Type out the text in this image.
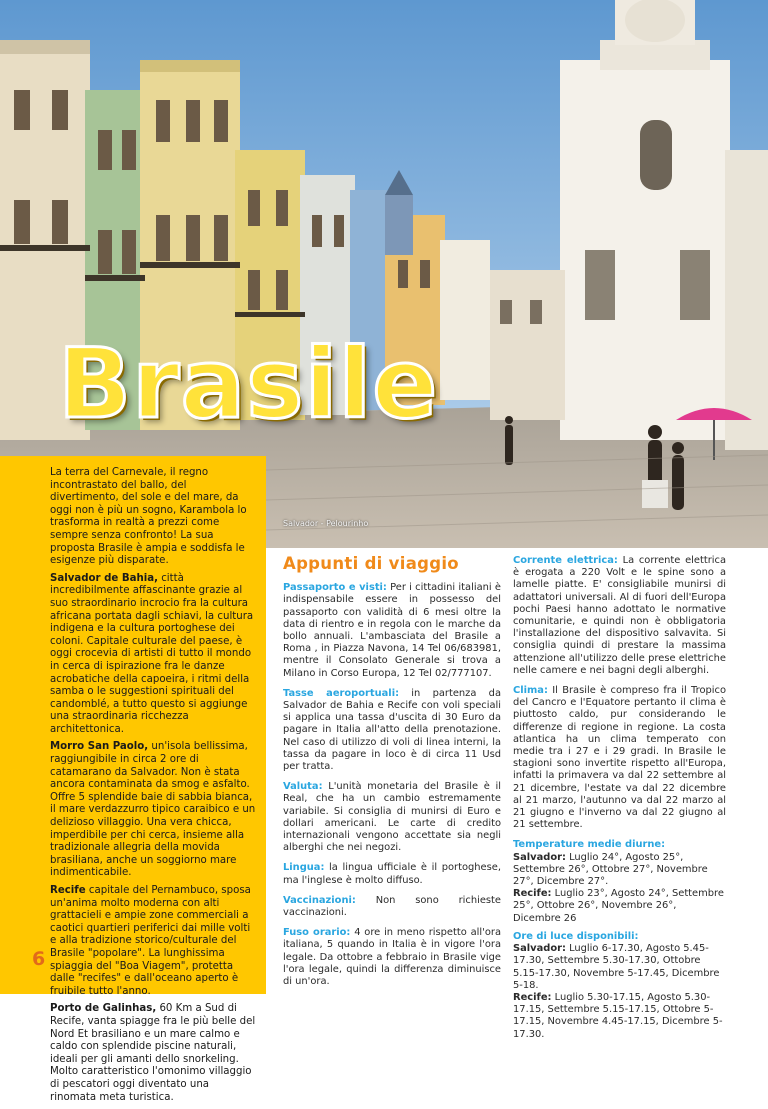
Salvador - Pelourinho
Brasile

La terra del Carnevale, il regno incontrastato del ballo, del divertimento, del sole e del mare, da oggi non è più un sogno, Karambola lo trasforma in realtà a prezzi come sempre senza confronto! La sua proposta Brasile è ampia e soddisfa le esigenze più disparate.

Salvador de Bahia, città incredibilmente affascinante grazie al suo straordinario incrocio fra la cultura africana portata dagli schiavi, la cultura indigena e la cultura portoghese dei coloni. Capitale culturale del paese, è oggi crocevia di artisti di tutto il mondo in cerca di ispirazione fra le danze acrobatiche della capoeira, i ritmi della samba o le suggestioni spirituali del candomblé, a tutto questo si aggiunge una straordinaria ricchezza architettonica.

Morro San Paolo, un'isola bellissima, raggiungibile in circa 2 ore di catamarano da Salvador. Non è stata ancora contaminata da smog e asfalto. Offre 5 splendide baie di sabbia bianca, il mare verdazzurro tipico caraibico e un delizioso villaggio. Una vera chicca, imperdibile per chi cerca, insieme alla tradizionale allegria della movida brasiliana, anche un soggiorno mare indimenticabile.

Recife capitale del Pernambuco, sposa un'anima molto moderna con alti grattacieli e ampie zone commerciali a caotici quartieri periferici dai mille volti e alla tradizione storico/culturale del Brasile "popolare". La lunghissima spiaggia del "Boa Viagem", protetta dalle "recifes" e dall'oceano aperto è fruibile tutto l'anno.

Porto de Galinhas, 60 Km a Sud di Recife, vanta spiagge fra le più belle del Nord Et brasiliano e un mare calmo e caldo con splendide piscine naturali, ideali per gli amanti dello snorkeling. Molto caratteristico l'omonimo villaggio di pescatori oggi diventato una rinomata meta turistica.

6
Appunti di viaggio
Passaporto e visti: Per i cittadini italiani è indispensabile essere in possesso del passaporto con validità di 6 mesi oltre la data di rientro e in regola con le marche da bollo annuali. L'ambasciata del Brasile a Roma , in Piazza Navona, 14 Tel 06/683981, mentre il Consolato Generale si trova a Milano in Corso Europa, 12 Tel 02/777107.
Tasse aeroportuali: in partenza da Salvador de Bahia e Recife con voli speciali si applica una tassa d'uscita di 30 Euro da pagare in Italia all'atto della prenotazione. Nel caso di utilizzo di voli di linea interni, la tassa da pagare in loco è di circa 11 Usd per tratta.
Valuta: L'unità monetaria del Brasile è il Real, che ha un cambio estremamente variabile. Si consiglia di munirsi di Euro e dollari americani. Le carte di credito internazionali vengono accettate sia negli alberghi che nei negozi.
Lingua: la lingua ufficiale è il portoghese, ma l'inglese è molto diffuso.
Vaccinazioni: Non sono richieste vaccinazioni.
Fuso orario: 4 ore in meno rispetto all'ora italiana, 5 quando in Italia è in vigore l'ora legale. Da ottobre a febbraio in Brasile vige l'ora legale, quindi la differenza diminuisce di un'ora.
Corrente elettrica: La corrente elettrica è erogata a 220 Volt e le spine sono a lamelle piatte. E' consigliabile munirsi di adattatori universali. Al di fuori dell'Europa pochi Paesi hanno adottato le normative comunitarie, e quindi non è obbligatoria l'installazione del dispositivo salvavita. Si consiglia quindi di prestare la massima attenzione all'utilizzo delle prese elettriche nelle camere e nei bagni degli alberghi.
Clima: Il Brasile è compreso fra il Tropico del Cancro e l'Equatore pertanto il clima è piuttosto caldo, pur considerando le differenze di regione in regione. La costa atlantica ha un clima temperato con medie tra i 27 e i 29 gradi. In Brasile le stagioni sono invertite rispetto all'Europa, infatti la primavera va dal 22 settembre al 21 dicembre, l'estate va dal 22 dicembre al 21 marzo, l'autunno va dal 22 marzo al 21 giugno e l'inverno va dal 22 giugno al 21 settembre.
Temperature medie diurne:
Salvador: Luglio 24°, Agosto 25°, Settembre 26°, Ottobre 27°, Novembre 27°, Dicembre 27°.
Recife: Luglio 23°, Agosto 24°, Settembre 25°, Ottobre 26°, Novembre 26°, Dicembre 26
Ore di luce disponibili:
Salvador: Luglio 6-17.30, Agosto 5.45-17.30, Settembre 5.30-17.30, Ottobre 5.15-17.30, Novembre 5-17.45, Dicembre 5-18.
Recife: Luglio 5.30-17.15, Agosto 5.30-17.15, Settembre 5.15-17.15, Ottobre 5-17.15, Novembre 4.45-17.15, Dicembre 5-17.30.
